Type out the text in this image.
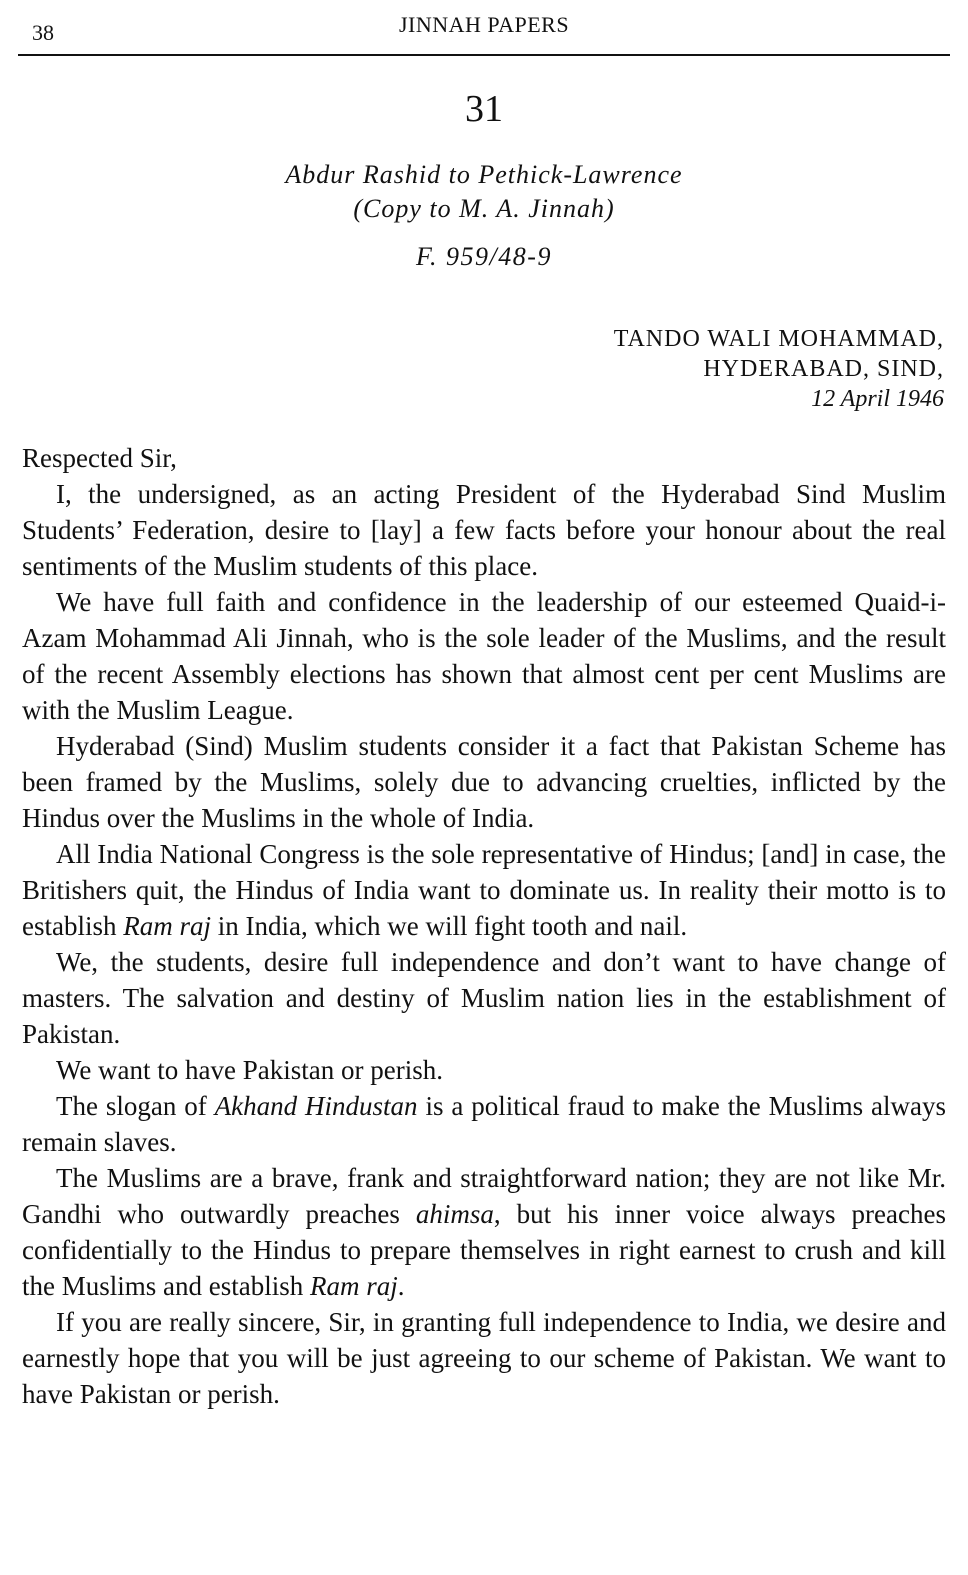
38	JINNAH PAPERS
31
Abdur Rashid to Pethick-Lawrence
(Copy to M. A. Jinnah)
F. 959/48-9
TANDO WALI MOHAMMAD,
HYDERABAD, SIND,
12 April 1946
Respected Sir,

I, the undersigned, as an acting President of the Hyderabad Sind Muslim Students’ Federation, desire to [lay] a few facts before your honour about the real sentiments of the Muslim students of this place.

We have full faith and confidence in the leadership of our esteemed Quaid-i-Azam Mohammad Ali Jinnah, who is the sole leader of the Muslims, and the result of the recent Assembly elections has shown that almost cent per cent Muslims are with the Muslim League.

Hyderabad (Sind) Muslim students consider it a fact that Pakistan Scheme has been framed by the Muslims, solely due to advancing cruelties, inflicted by the Hindus over the Muslims in the whole of India.

All India National Congress is the sole representative of Hindus; [and] in case, the Britishers quit, the Hindus of India want to dominate us. In reality their motto is to establish Ram raj in India, which we will fight tooth and nail.

We, the students, desire full independence and don’t want to have change of masters. The salvation and destiny of Muslim nation lies in the establishment of Pakistan.

We want to have Pakistan or perish.

The slogan of Akhand Hindustan is a political fraud to make the Muslims always remain slaves.

The Muslims are a brave, frank and straightforward nation; they are not like Mr. Gandhi who outwardly preaches ahimsa, but his inner voice always preaches confidentially to the Hindus to prepare themselves in right earnest to crush and kill the Muslims and establish Ram raj.

If you are really sincere, Sir, in granting full independence to India, we desire and earnestly hope that you will be just agreeing to our scheme of Pakistan. We want to have Pakistan or perish.
